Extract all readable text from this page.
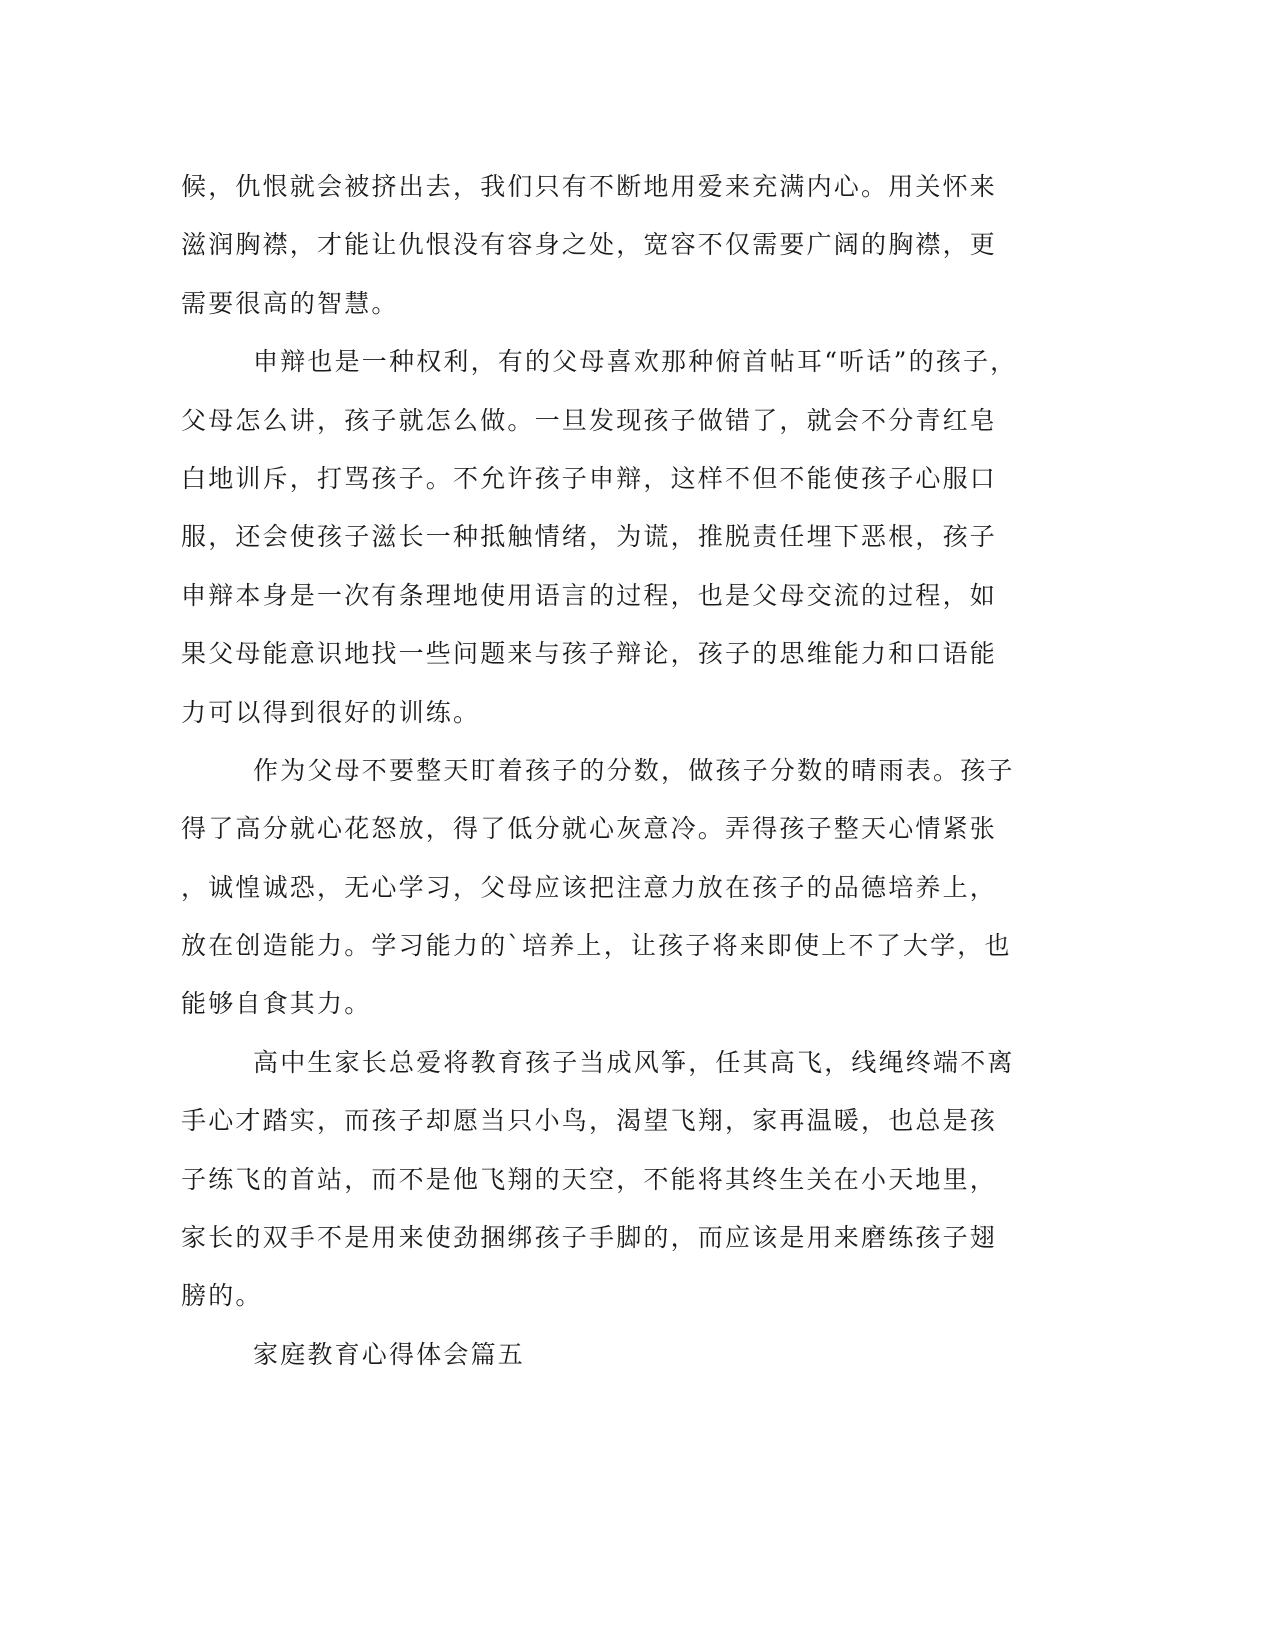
候，仇恨就会被挤出去，我们只有不断地用爱来充满内心。用关怀来
滋润胸襟，才能让仇恨没有容身之处，宽容不仅需要广阔的胸襟，更
需要很高的智慧。
申辩也是一种权利，有的父母喜欢那种俯首帖耳“听话”的孩子，
父母怎么讲，孩子就怎么做。一旦发现孩子做错了，就会不分青红皂
白地训斥，打骂孩子。不允许孩子申辩，这样不但不能使孩子心服口
服，还会使孩子滋长一种抵触情绪，为谎，推脱责任埋下恶根，孩子
申辩本身是一次有条理地使用语言的过程，也是父母交流的过程，如
果父母能意识地找一些问题来与孩子辩论，孩子的思维能力和口语能
力可以得到很好的训练。
作为父母不要整天盯着孩子的分数，做孩子分数的晴雨表。孩子
得了高分就心花怒放，得了低分就心灰意冷。弄得孩子整天心情紧张
，诚惶诚恐，无心学习，父母应该把注意力放在孩子的品德培养上，
放在创造能力。学习能力的`培养上，让孩子将来即使上不了大学，也
能够自食其力。
高中生家长总爱将教育孩子当成风筝，任其高飞，线绳终端不离
手心才踏实，而孩子却愿当只小鸟，渴望飞翔，家再温暖，也总是孩
子练飞的首站，而不是他飞翔的天空，不能将其终生关在小天地里，
家长的双手不是用来使劲捆绑孩子手脚的，而应该是用来磨练孩子翅
膀的。
家庭教育心得体会篇五
